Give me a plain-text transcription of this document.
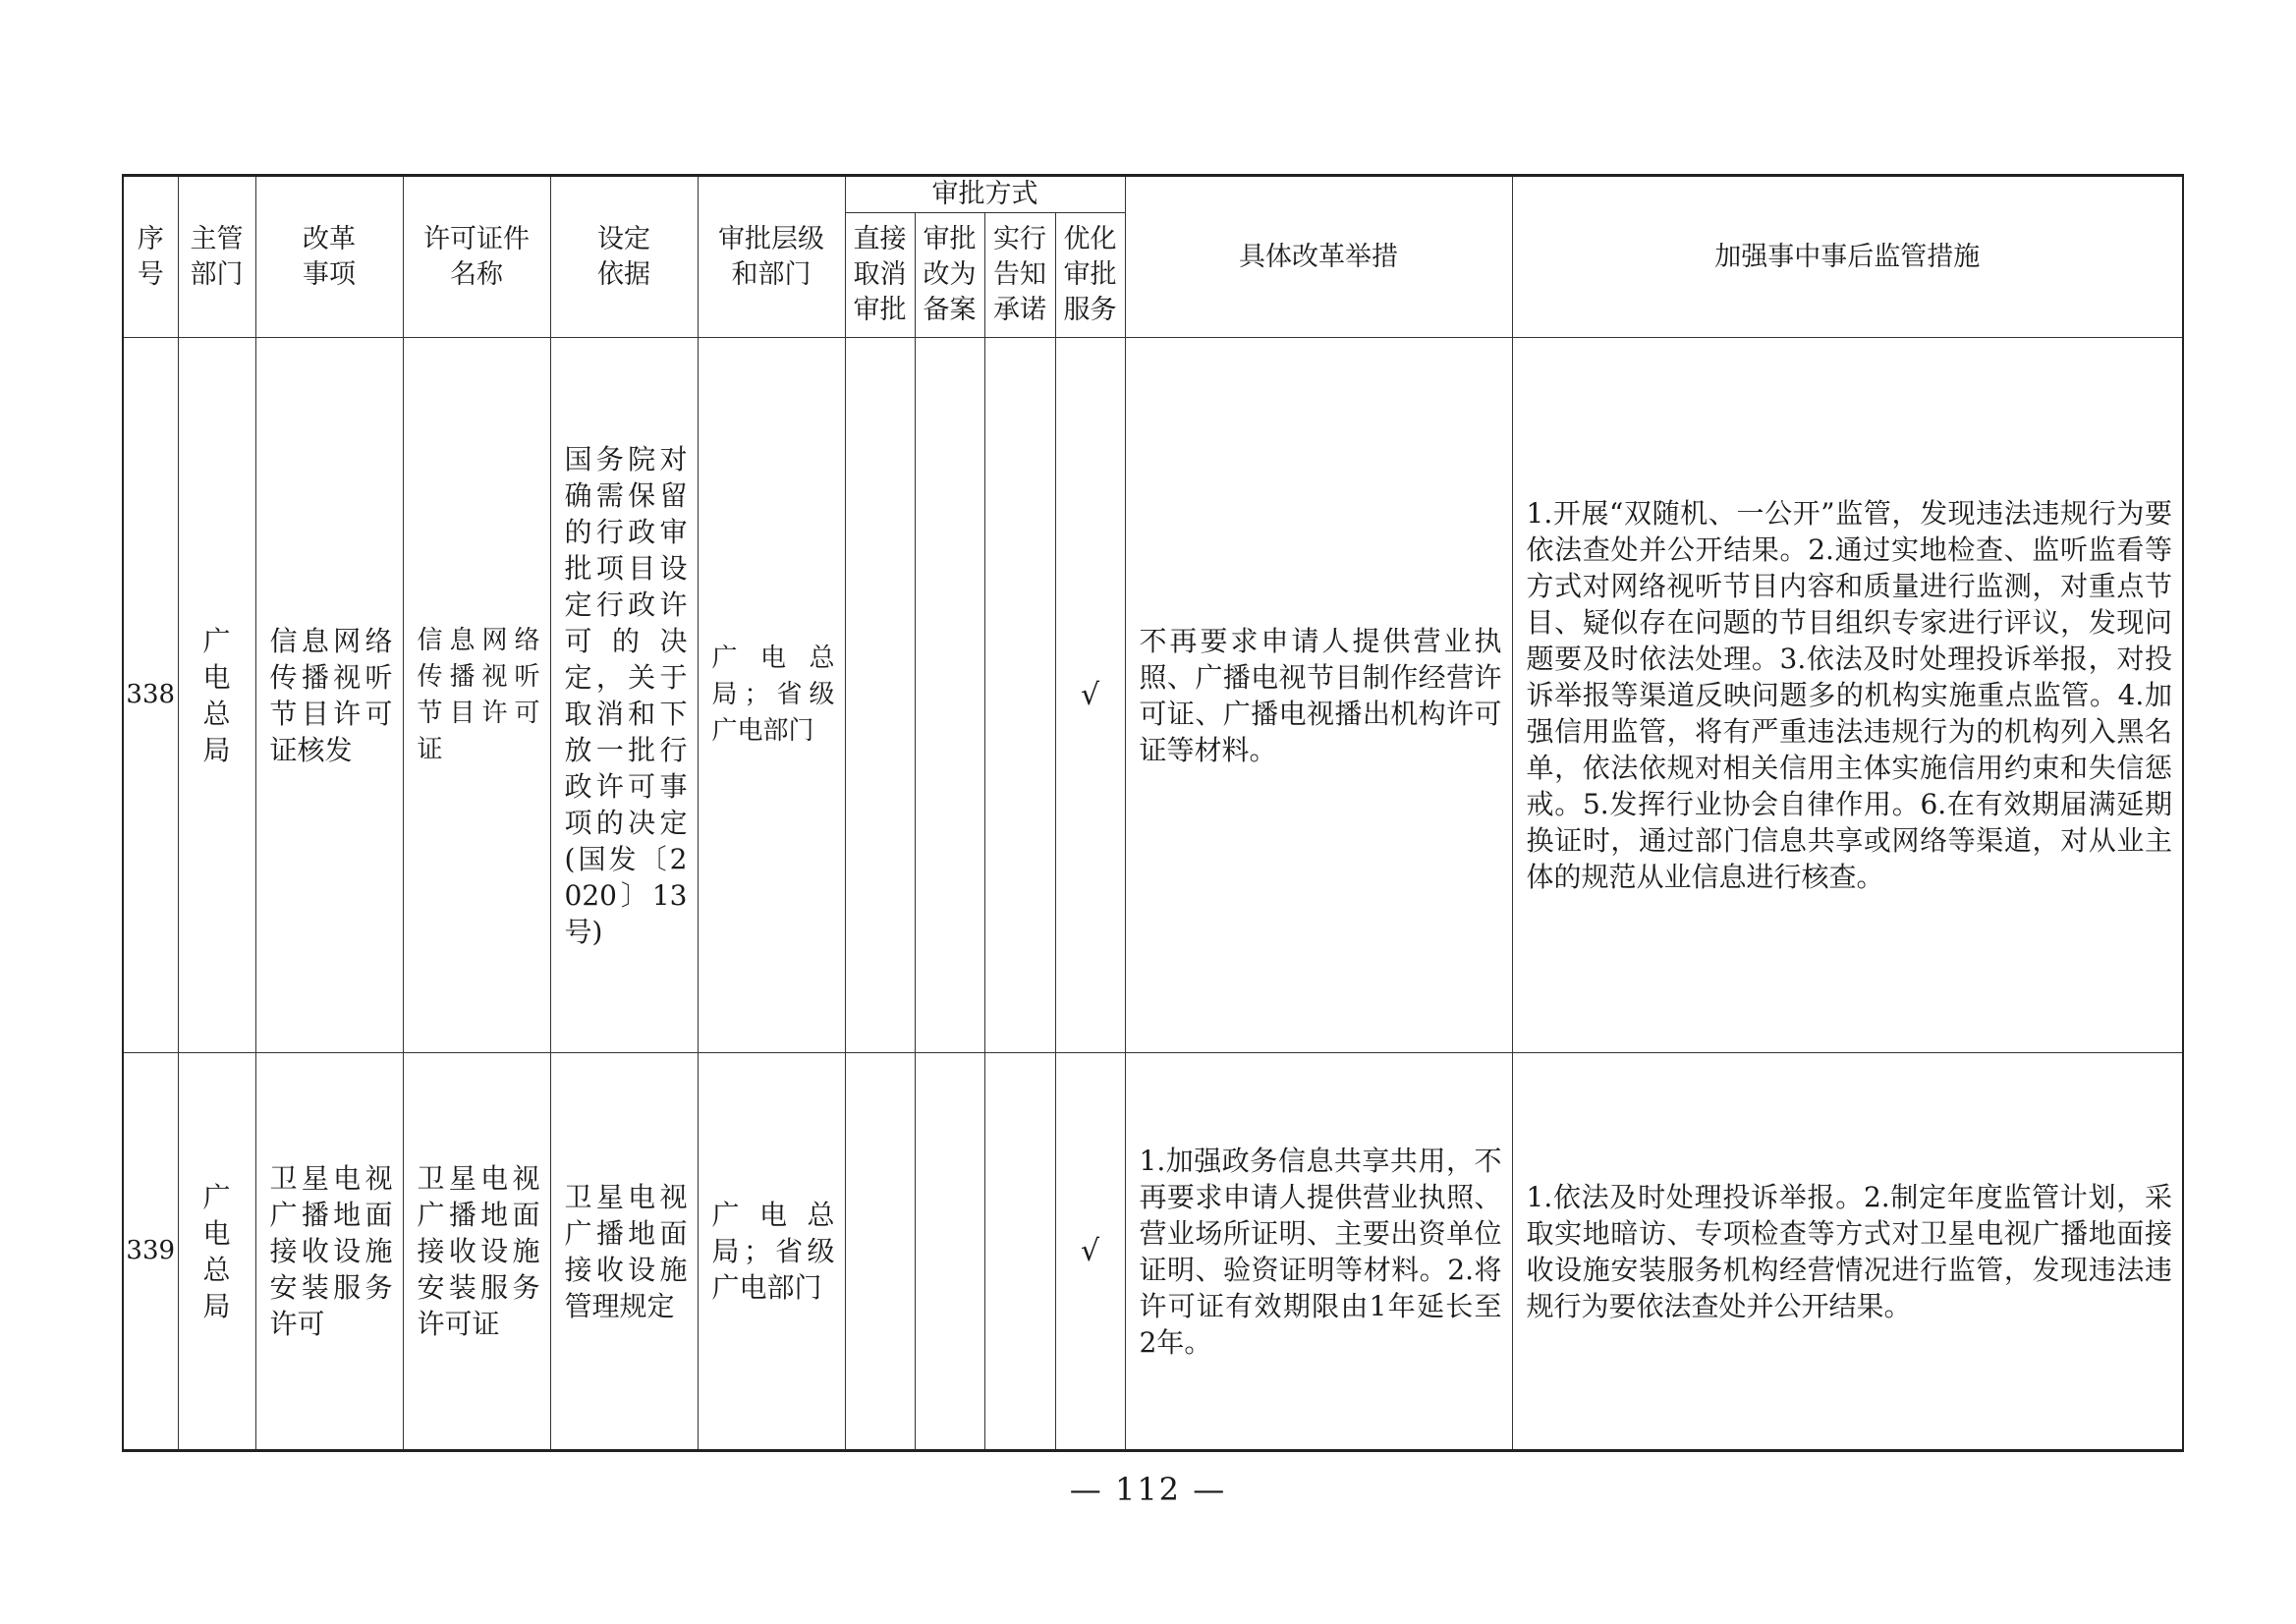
序号	主管部门	改革事项	许可证件名称	设定依据	审批层级和部门	审批方式				具体改革举措	加强事中事后监管措施

						直接取消审批	审批改为备案	实行告知承诺	优化审批服务		

338	广电总局	信息网络传播视听节目许可证核发	信息网络传播视听节目许可证	国务院对确需保留的行政审批项目设定行政许可的决定，关于取消和下放一批行政许可事项的决定(国发〔2020〕13号)	广电总局；省级广电部门				√	不再要求申请人提供营业执照、广播电视节目制作经营许可证、广播电视播出机构许可证等材料。	1.开展“双随机、一公开”监管，发现违法违规行为要依法查处并公开结果。2.通过实地检查、监听监看等方式对网络视听节目内容和质量进行监测，对重点节目、疑似存在问题的节目组织专家进行评议，发现问题要及时依法处理。3.依法及时处理投诉举报，对投诉举报等渠道反映问题多的机构实施重点监管。4.加强信用监管，将有严重违法违规行为的机构列入黑名单，依法依规对相关信用主体实施信用约束和失信惩戒。5.发挥行业协会自律作用。6.在有效期届满延期换证时，通过部门信息共享或网络等渠道，对从业主体的规范从业信息进行核查。
339	广电总局	卫星电视广播地面接收设施安装服务许可	卫星电视广播地面接收设施安装服务许可证	卫星电视广播地面接收设施管理规定	广电总局；省级广电部门				√	1.加强政务信息共享共用，不再要求申请人提供营业执照、营业场所证明、主要出资单位证明、验资证明等材料。2.将许可证有效期限由1年延长至2年。	1.依法及时处理投诉举报。2.制定年度监管计划，采取实地暗访、专项检查等方式对卫星电视广播地面接收设施安装服务机构经营情况进行监管，发现违法违规行为要依法查处并公开结果。
— 112 —
